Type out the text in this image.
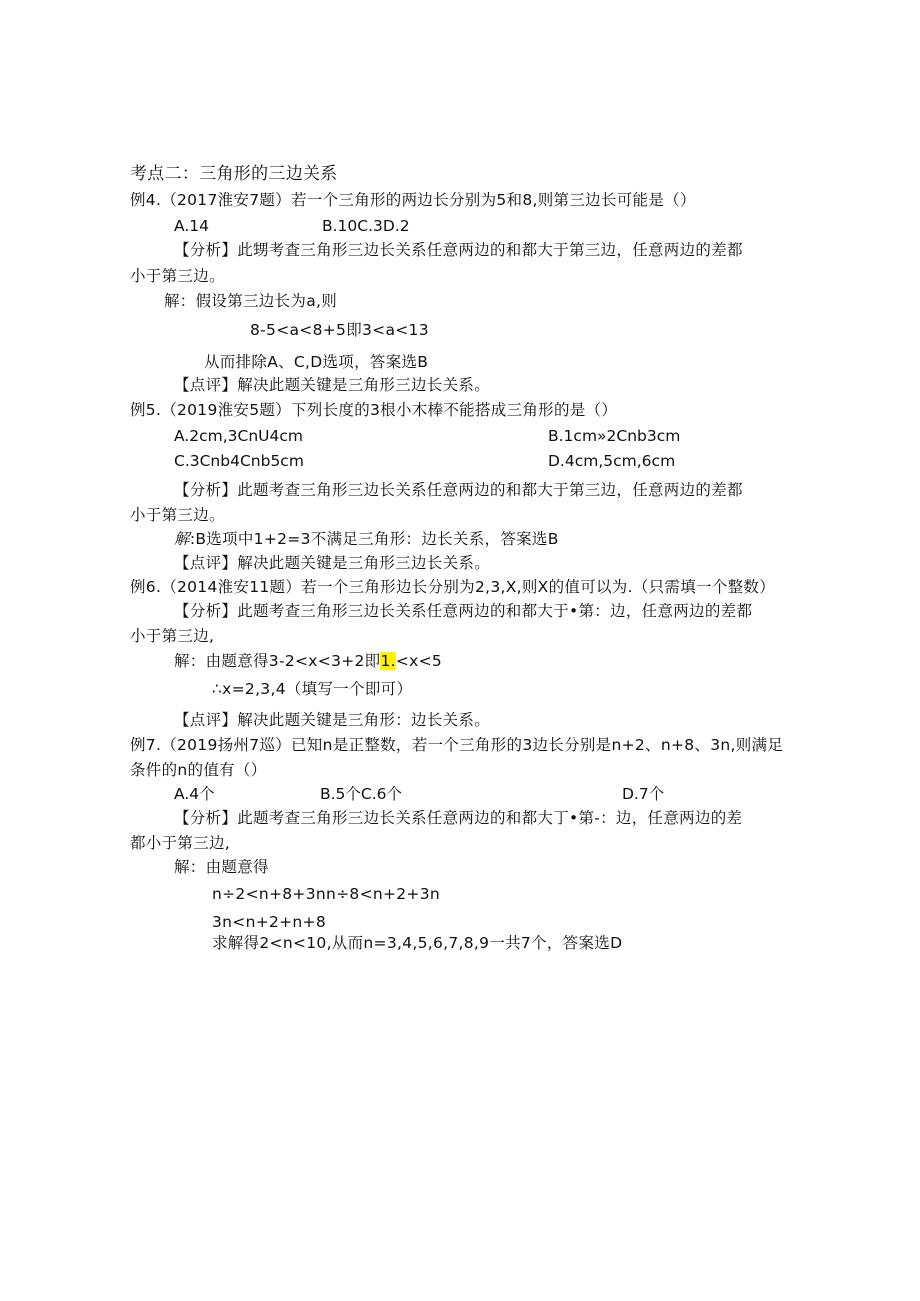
考点二：三角形的三边关系
例4.（2017淮安7题）若一个三角形的两边长分别为5和8,则第三边长可能是（）
A.14	B.10C.3D.2
【分析】此甥考査三角形三边长关系任意两边的和都大于第三边，任意两边的差都
小于第三边。
解：假设第三边长为a,则
8-5<a<8+5即3<a<13
从而排除A、C,D选项，答案选B
【点评】解决此题关键是三角形三边长关系。
例5.（2019淮安5题）下列长度的3根小木棒不能搭成三角形的是（）
A.2cm,3CnU4cm	B.1cm»2Cnb3cm
C.3Cnb4Cnb5cm	D.4cm,5cm,6cm
【分析】此题考查三角形三边长关系任意两边的和都大于第三边，任意两边的差都
小于第三边。
解:B选项中1+2=3不满足三角形：边长关系，答案选B
【点评】解决此题关键是三角形三边长关系。
例6.（2014淮安11题）若一个三角形边长分别为2,3,X,则X的值可以为.（只需填一个整数）
【分析】此题考查三角形三边长关系任意两边的和都大于•第：边，任意两边的差都
小于第三边,
解：由题意得3-2<x<3+2即1.<x<5
∴x=2,3,4（填写一个即可）
【点评】解决此题关键是三角形：边长关系。
例7.（2019扬州7巡）已知n是正整数，若一个三角形的3边长分别是n+2、n+8、3n,则满足
条件的n的值有（）
A.4个	B.5个C.6个	D.7个
【分析】此题考查三角形三边长关系任意两边的和都大丁•第-：边，任意两边的差
都小于第三边,
解：由题意得
n÷2<n+8+3nn÷8<n+2+3n
3n<n+2+n+8
求解得2<n<10,从而n=3,4,5,6,7,8,9一共7个，答案选D
